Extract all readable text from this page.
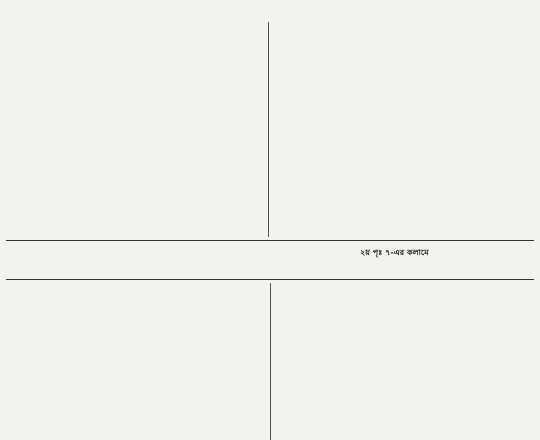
২য় পৃঃ ৭-এর কলামে
